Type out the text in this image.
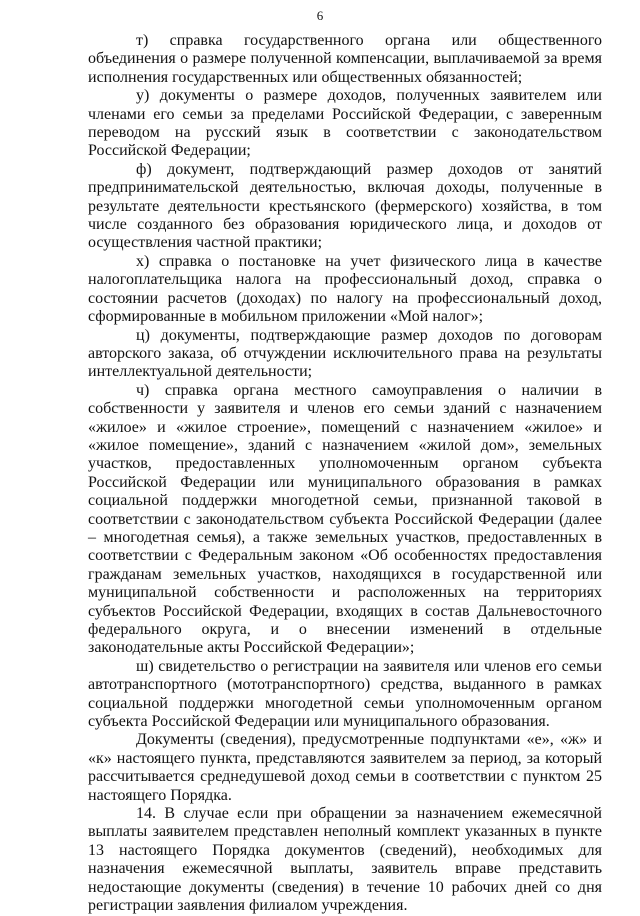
6

т) справка государственного органа или общественного объединения о размере полученной компенсации, выплачиваемой за время исполнения государственных или общественных обязанностей;

у) документы о размере доходов, полученных заявителем или членами его семьи за пределами Российской Федерации, с заверенным переводом на русский язык в соответствии с законодательством Российской Федерации;

ф) документ, подтверждающий размер доходов от занятий предпринимательской деятельностью, включая доходы, полученные в результате деятельности крестьянского (фермерского) хозяйства, в том числе созданного без образования юридического лица, и доходов от осуществления частной практики;

х) справка о постановке на учет физического лица в качестве налогоплательщика налога на профессиональный доход, справка о состоянии расчетов (доходах) по налогу на профессиональный доход, сформированные в мобильном приложении «Мой налог»;

ц) документы, подтверждающие размер доходов по договорам авторского заказа, об отчуждении исключительного права на результаты интеллектуальной деятельности;

ч) справка органа местного самоуправления о наличии в собственности у заявителя и членов его семьи зданий с назначением «жилое» и «жилое строение», помещений с назначением «жилое» и «жилое помещение», зданий с назначением «жилой дом», земельных участков, предоставленных уполномоченным органом субъекта Российской Федерации или муниципального образования в рамках социальной поддержки многодетной семьи, признанной таковой в соответствии с законодательством субъекта Российской Федерации (далее – многодетная семья), а также земельных участков, предоставленных в соответствии с Федеральным законом «Об особенностях предоставления гражданам земельных участков, находящихся в государственной или муниципальной собственности и расположенных на территориях субъектов Российской Федерации, входящих в состав Дальневосточного федерального округа, и о внесении изменений в отдельные законодательные акты Российской Федерации»;

ш) свидетельство о регистрации на заявителя или членов его семьи автотранспортного (мототранспортного) средства, выданного в рамках социальной поддержки многодетной семьи уполномоченным органом субъекта Российской Федерации или муниципального образования.

Документы (сведения), предусмотренные подпунктами «е», «ж» и «к» настоящего пункта, представляются заявителем за период, за который рассчитывается среднедушевой доход семьи в соответствии с пунктом 25 настоящего Порядка.

14. В случае если при обращении за назначением ежемесячной выплаты заявителем представлен неполный комплект указанных в пункте 13 настоящего Порядка документов (сведений), необходимых для назначения ежемесячной выплаты, заявитель вправе представить недостающие документы (сведения) в течение 10 рабочих дней со дня регистрации заявления филиалом учреждения.
